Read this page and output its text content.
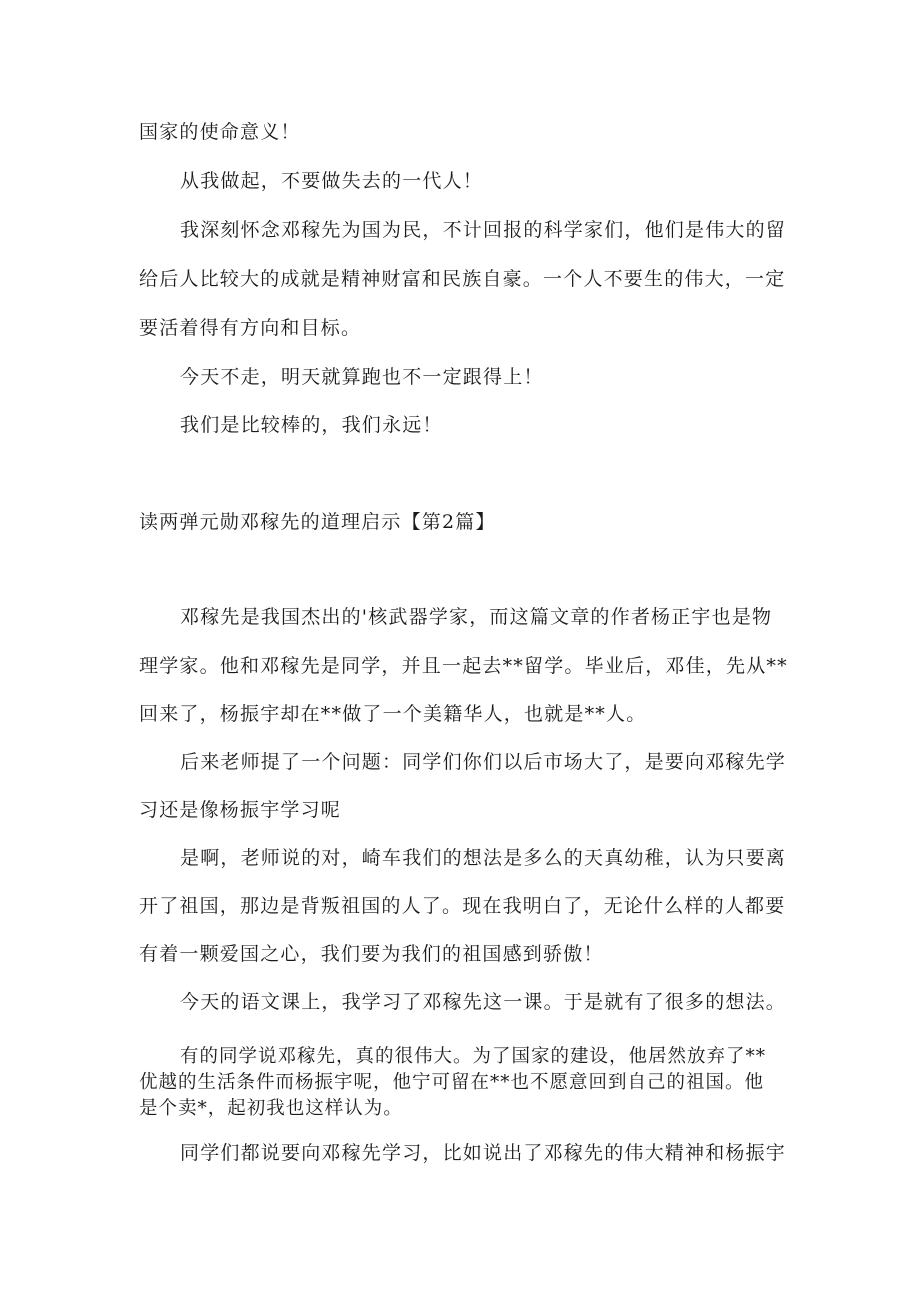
国家的使命意义！
从我做起，不要做失去的一代人！
我深刻怀念邓稼先为国为民，不计回报的科学家们，他们是伟大的留
给后人比较大的成就是精神财富和民族自豪。一个人不要生的伟大，一定
要活着得有方向和目标。
今天不走，明天就算跑也不一定跟得上！
我们是比较棒的，我们永远！
读两弹元勋邓稼先的道理启示【第2篇】
邓稼先是我国杰出的'核武器学家，而这篇文章的作者杨正宇也是物
理学家。他和邓稼先是同学，并且一起去**留学。毕业后，邓佳，先从**
回来了，杨振宇却在**做了一个美籍华人，也就是**人。
后来老师提了一个问题：同学们你们以后市场大了，是要向邓稼先学
习还是像杨振宇学习呢
是啊，老师说的对，崎车我们的想法是多么的天真幼稚，认为只要离
开了祖国，那边是背叛祖国的人了。现在我明白了，无论什么样的人都要
有着一颗爱国之心，我们要为我们的祖国感到骄傲！
今天的语文课上，我学习了邓稼先这一课。于是就有了很多的想法。
有的同学说邓稼先，真的很伟大。为了国家的建设，他居然放弃了**
优越的生活条件而杨振宇呢，他宁可留在**也不愿意回到自己的祖国。他
是个卖*，起初我也这样认为。
同学们都说要向邓稼先学习，比如说出了邓稼先的伟大精神和杨振宇
